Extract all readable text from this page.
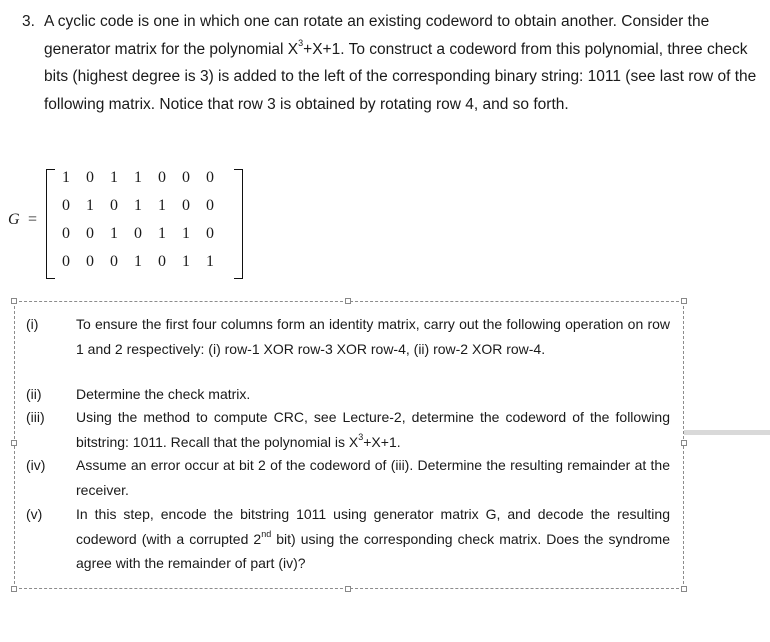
3. A cyclic code is one in which one can rotate an existing codeword to obtain another. Consider the generator matrix for the polynomial $X^3+X+1$. To construct a codeword from this polynomial, three check bits (highest degree is 3) is added to the left of the corresponding binary string: 1011 (see last row of the following matrix. Notice that row 3 is obtained by rotating row 4, and so forth.
G =
1	0	1	1	0	0	0
0	1	0	1	1	0	0
0	0	1	0	1	1	0
0	0	0	1	0	1	1
(i)	To ensure the first four columns form an identity matrix, carry out the following operation on row 1 and 2 respectively: (i) row-1 XOR row-3 XOR row-4, (ii) row-2 XOR row-4.
(ii) Determine the check matrix.
(iii) Using the method to compute CRC, see Lecture-2, determine the codeword of the following bitstring: 1011. Recall that the polynomial is $X^3+X+1$.
(iv) Assume an error occur at bit 2 of the codeword of (iii). Determine the resulting remainder at the receiver.
(v) In this step, encode the bitstring 1011 using generator matrix G, and decode the resulting codeword (with a corrupted 2nd bit) using the corresponding check matrix. Does the syndrome agree with the remainder of part (iv)?
